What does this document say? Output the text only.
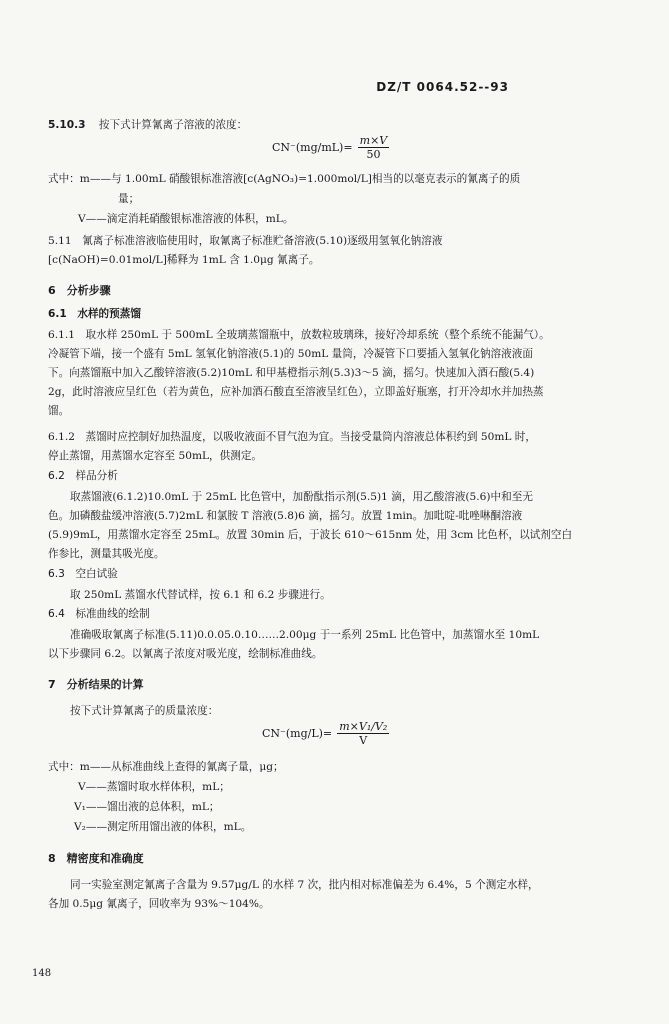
DZ/T 0064.52--93
5.10.3 按下式计算氰离子溶液的浓度：
$CN^-(mg/mL)= \frac{m\times V}{50}$
式中：m——与 1.00mL 硝酸银标准溶液[c(AgNO₃)=1.000mol/L]相当的以毫克表示的氰离子的质
量；
V——滴定消耗硝酸银标准溶液的体积，mL。
5.11　氰离子标准溶液临使用时，取氰离子标准贮备溶液(5.10)逐级用氢氧化钠溶液
[c(NaOH)=0.01mol/L]稀释为 1mL 含 1.0μg 氰离子。
6　分析步骤
6.1　水样的预蒸馏
6.1.1　取水样 250mL 于 500mL 全玻璃蒸馏瓶中，放数粒玻璃珠，接好冷却系统（整个系统不能漏气）。
冷凝管下端，接一个盛有 5mL 氢氧化钠溶液(5.1)的 50mL 量筒，冷凝管下口要插入氢氧化钠溶液液面
下。向蒸馏瓶中加入乙酸锌溶液(5.2)10mL 和甲基橙指示剂(5.3)3～5 滴，摇匀。快速加入酒石酸(5.4)
2g，此时溶液应呈红色（若为黄色，应补加酒石酸直至溶液呈红色），立即盖好瓶塞，打开冷却水并加热蒸
馏。
6.1.2　蒸馏时应控制好加热温度，以吸收液面不冒气泡为宜。当接受量筒内溶液总体积约到 50mL 时，
停止蒸馏，用蒸馏水定容至 50mL，供测定。
6.2　样品分析
取蒸馏液(6.1.2)10.0mL 于 25mL 比色管中，加酚酞指示剂(5.5)1 滴，用乙酸溶液(5.6)中和至无
色。加磷酸盐缓冲溶液(5.7)2mL 和氯胺 T 溶液(5.8)6 滴，摇匀。放置 1min。加吡啶-吡唑啉酮溶液
(5.9)9mL，用蒸馏水定容至 25mL。放置 30min 后，于波长 610～615nm 处，用 3cm 比色杯，以试剂空白
作参比，测量其吸光度。
6.3　空白试验
取 250mL 蒸馏水代替试样，按 6.1 和 6.2 步骤进行。
6.4　标准曲线的绘制
准确吸取氰离子标准(5.11)0.0.05.0.10……2.00μg 于一系列 25mL 比色管中，加蒸馏水至 10mL
以下步骤同 6.2。以氰离子浓度对吸光度，绘制标准曲线。
7　分析结果的计算
按下式计算氰离子的质量浓度：
$CN^-(mg/L)= \frac{\text{m×V₁/V₂}}{V}$
式中：m——从标准曲线上查得的氰离子量，μg；
V——蒸馏时取水样体积，mL；
V₁——馏出液的总体积，mL；
V₂——测定所用馏出液的体积，mL。
8　精密度和准确度
同一实验室测定氰离子含量为 9.57μg/L 的水样 7 次，批内相对标准偏差为 6.4%，5 个测定水样，
各加 0.5μg 氰离子，回收率为 93%～104%。
148
